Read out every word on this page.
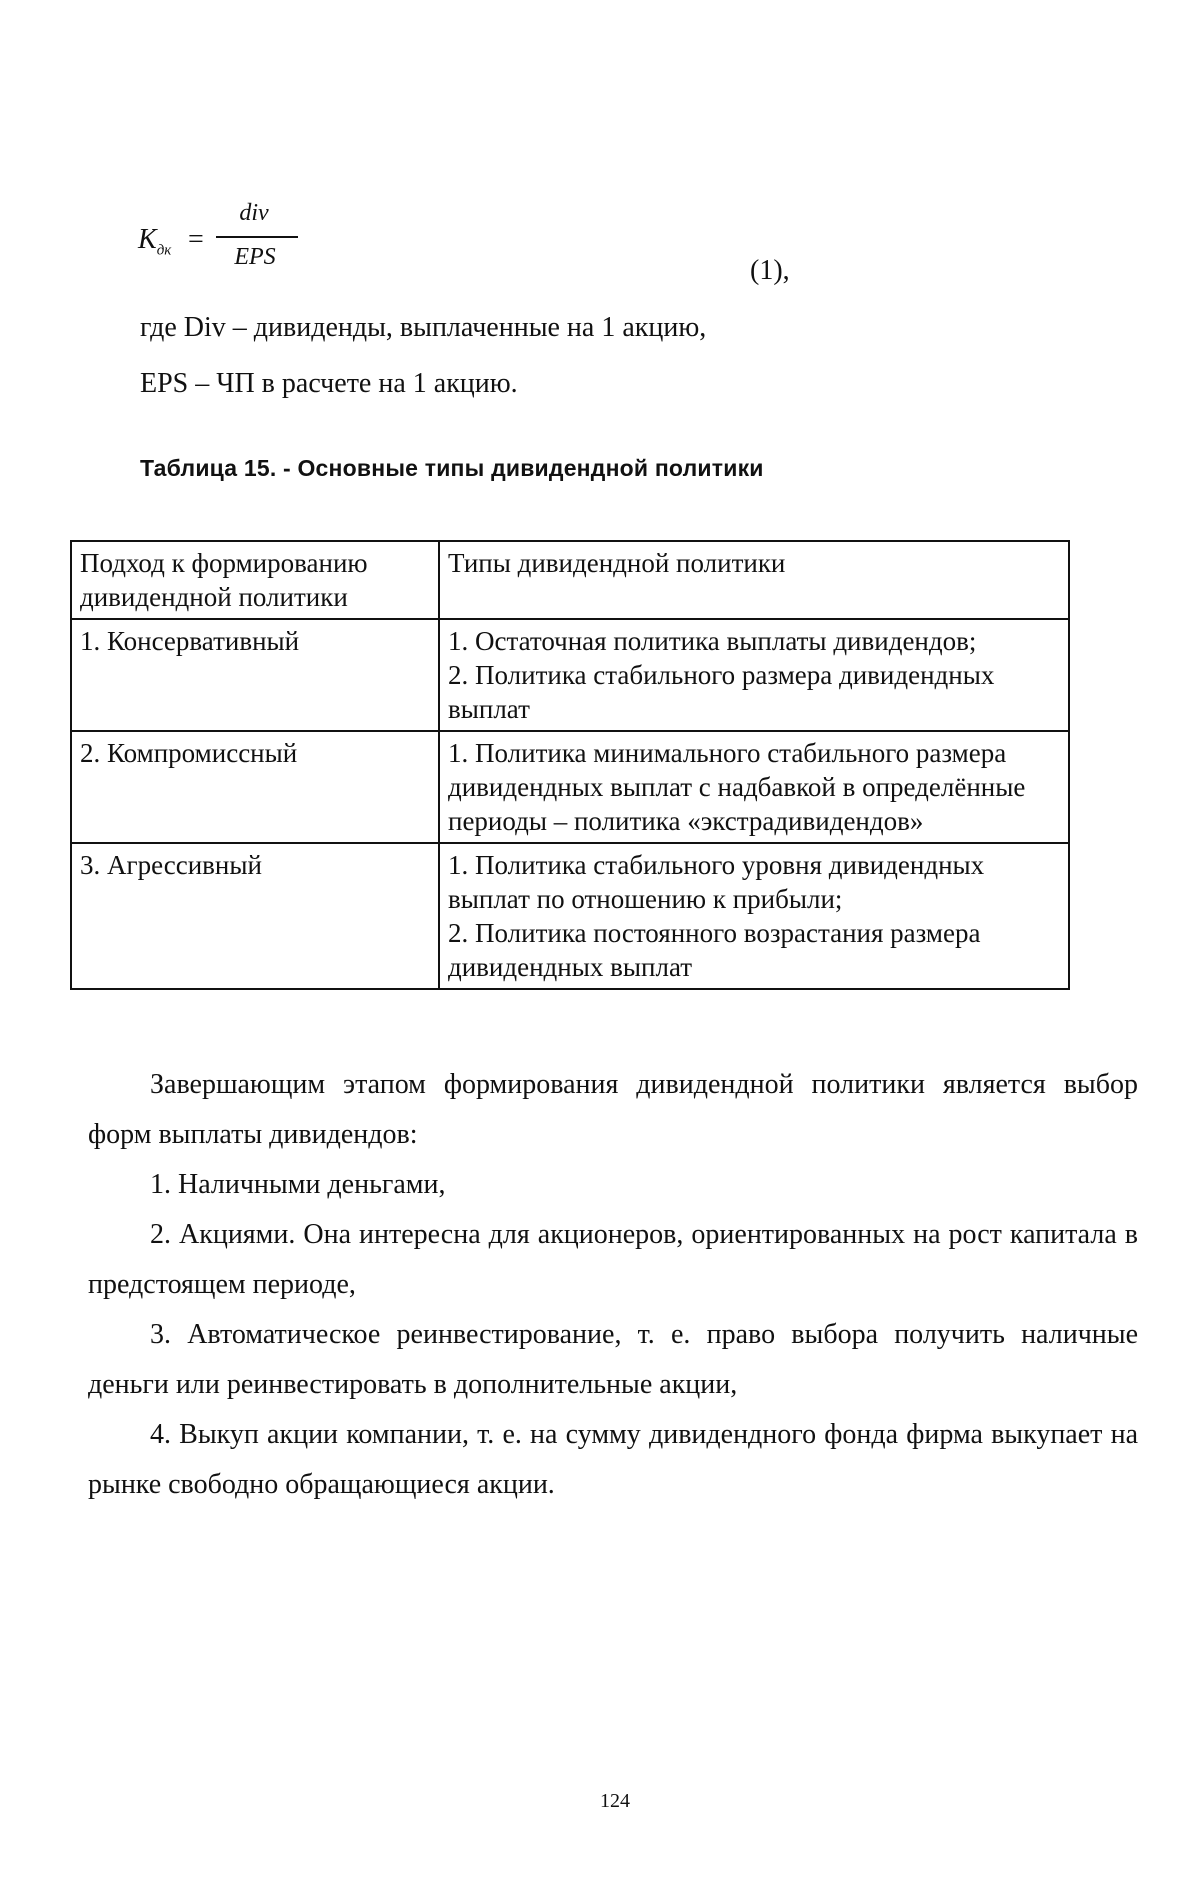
$K_{дк}$ =
div
EPS	(1),
где Div – дивиденды, выплаченные на 1 акцию,
EPS – ЧП в расчете на 1 акцию.
Таблица 15. - Основные типы дивидендной политики
Подход к формированию дивидендной политики	Типы дивидендной политики
1. Консервативный	1. Остаточная политика выплаты дивидендов;
2. Политика стабильного размера дивидендных выплат

2. Компромиссный	1. Политика минимального стабильного размера дивидендных выплат с надбавкой в определённые периоды – политика «экстрадивидендов»

3. Агрессивный	1. Политика стабильного уровня дивидендных выплат по отношению к прибыли;
2. Политика постоянного возрастания размера дивидендных выплат

Завершающим этапом формирования дивидендной политики является выбор форм выплаты дивидендов:

1. Наличными деньгами,

2. Акциями. Она интересна для акционеров, ориентированных на рост капитала в предстоящем периоде,

3. Автоматическое реинвестирование, т. е. право выбора получить наличные деньги или реинвестировать в дополнительные акции,

4. Выкуп акции компании, т. е. на сумму дивидендного фонда фирма выкупает на рынке свободно обращающиеся акции.

124
